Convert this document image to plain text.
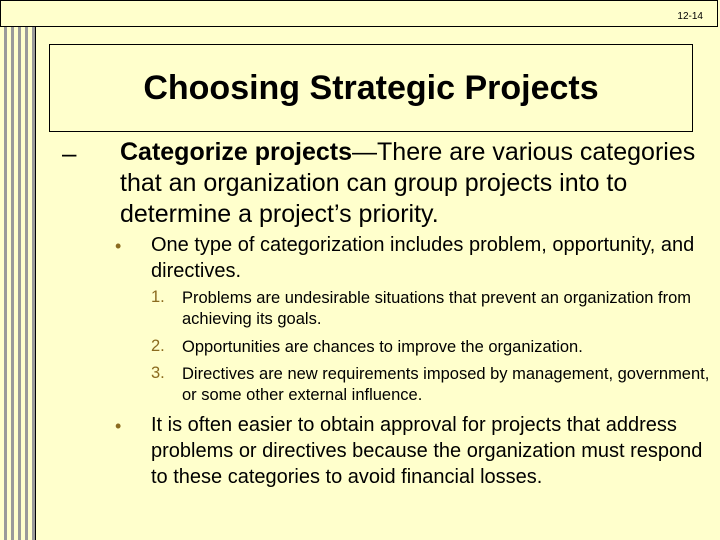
12-14
Choosing Strategic Projects
– Categorize projects—There are various categories that an organization can group projects into to determine a project’s priority.
• One type of categorization includes problem, opportunity, and directives.
1. Problems are undesirable situations that prevent an organization from achieving its goals.
2. Opportunities are chances to improve the organization.
3. Directives are new requirements imposed by management, government, or some other external influence.
• It is often easier to obtain approval for projects that address problems or directives because the organization must respond to these categories to avoid financial losses.
